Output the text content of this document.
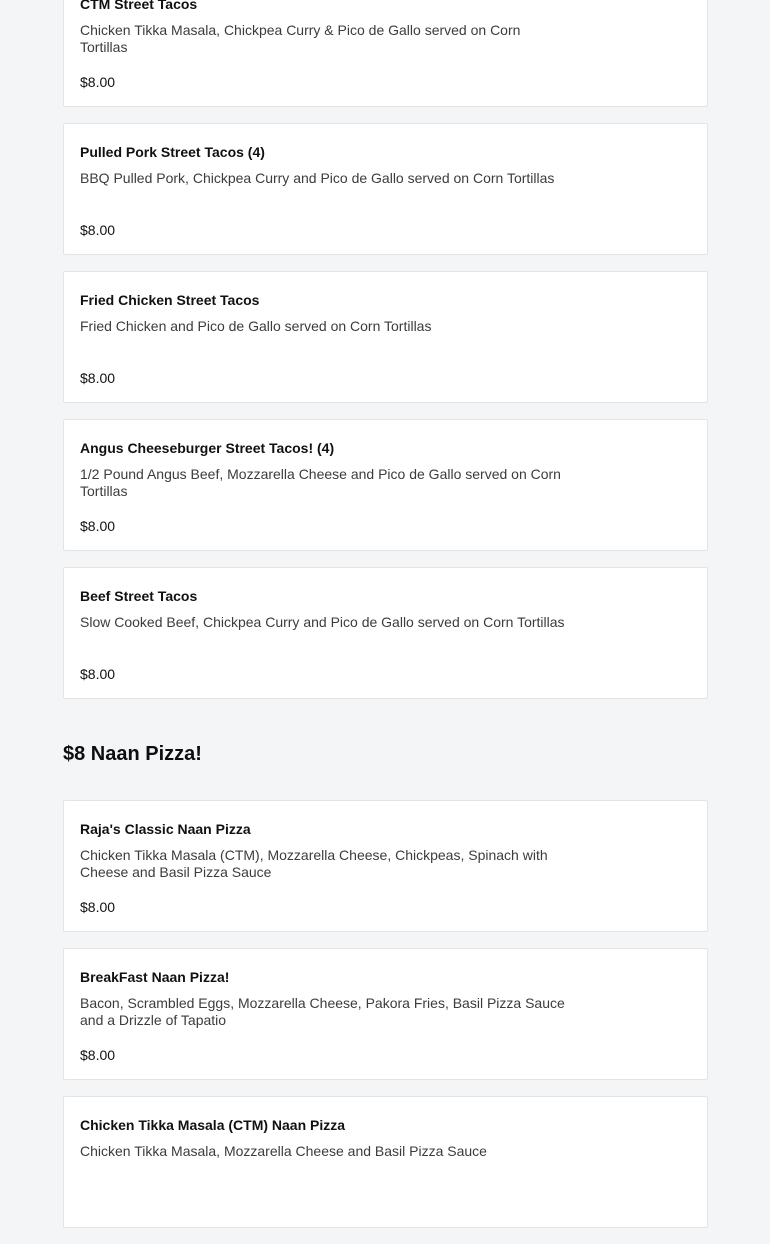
CTM Street Tacos
⁣⁣⁣Chicken Tikka Masala, Chickpea Curry & Pico de Gallo served on Corn Tortillas
$8.00
Pulled Pork Street Tacos (4)
BBQ Pulled Pork, Chickpea Curry and Pico de Gallo served on Corn Tortillas
$8.00
Fried Chicken Street Tacos
Fried Chicken and Pico de Gallo served on Corn Tortillas
$8.00
Angus Cheeseburger Street Tacos! (4)
1/2 Pound Angus Beef, Mozzarella Cheese and Pico de Gallo served on Corn Tortillas
$8.00
Beef Street Tacos
Slow Cooked Beef, Chickpea Curry and Pico de Gallo served on Corn Tortillas
$8.00
$8 Naan Pizza!
Raja's Classic Naan Pizza
Chicken Tikka Masala (CTM), Mozzarella Cheese, Chickpeas, Spinach with Cheese and Basil Pizza Sauce
$8.00
BreakFast Naan Pizza!
Bacon, Scrambled Eggs, Mozzarella Cheese, Pakora Fries, Basil Pizza Sauce and a Drizzle of Tapatio
$8.00
Chicken Tikka Masala (CTM) Naan Pizza
Chicken Tikka Masala, Mozzarella Cheese and Basil Pizza Sauce
